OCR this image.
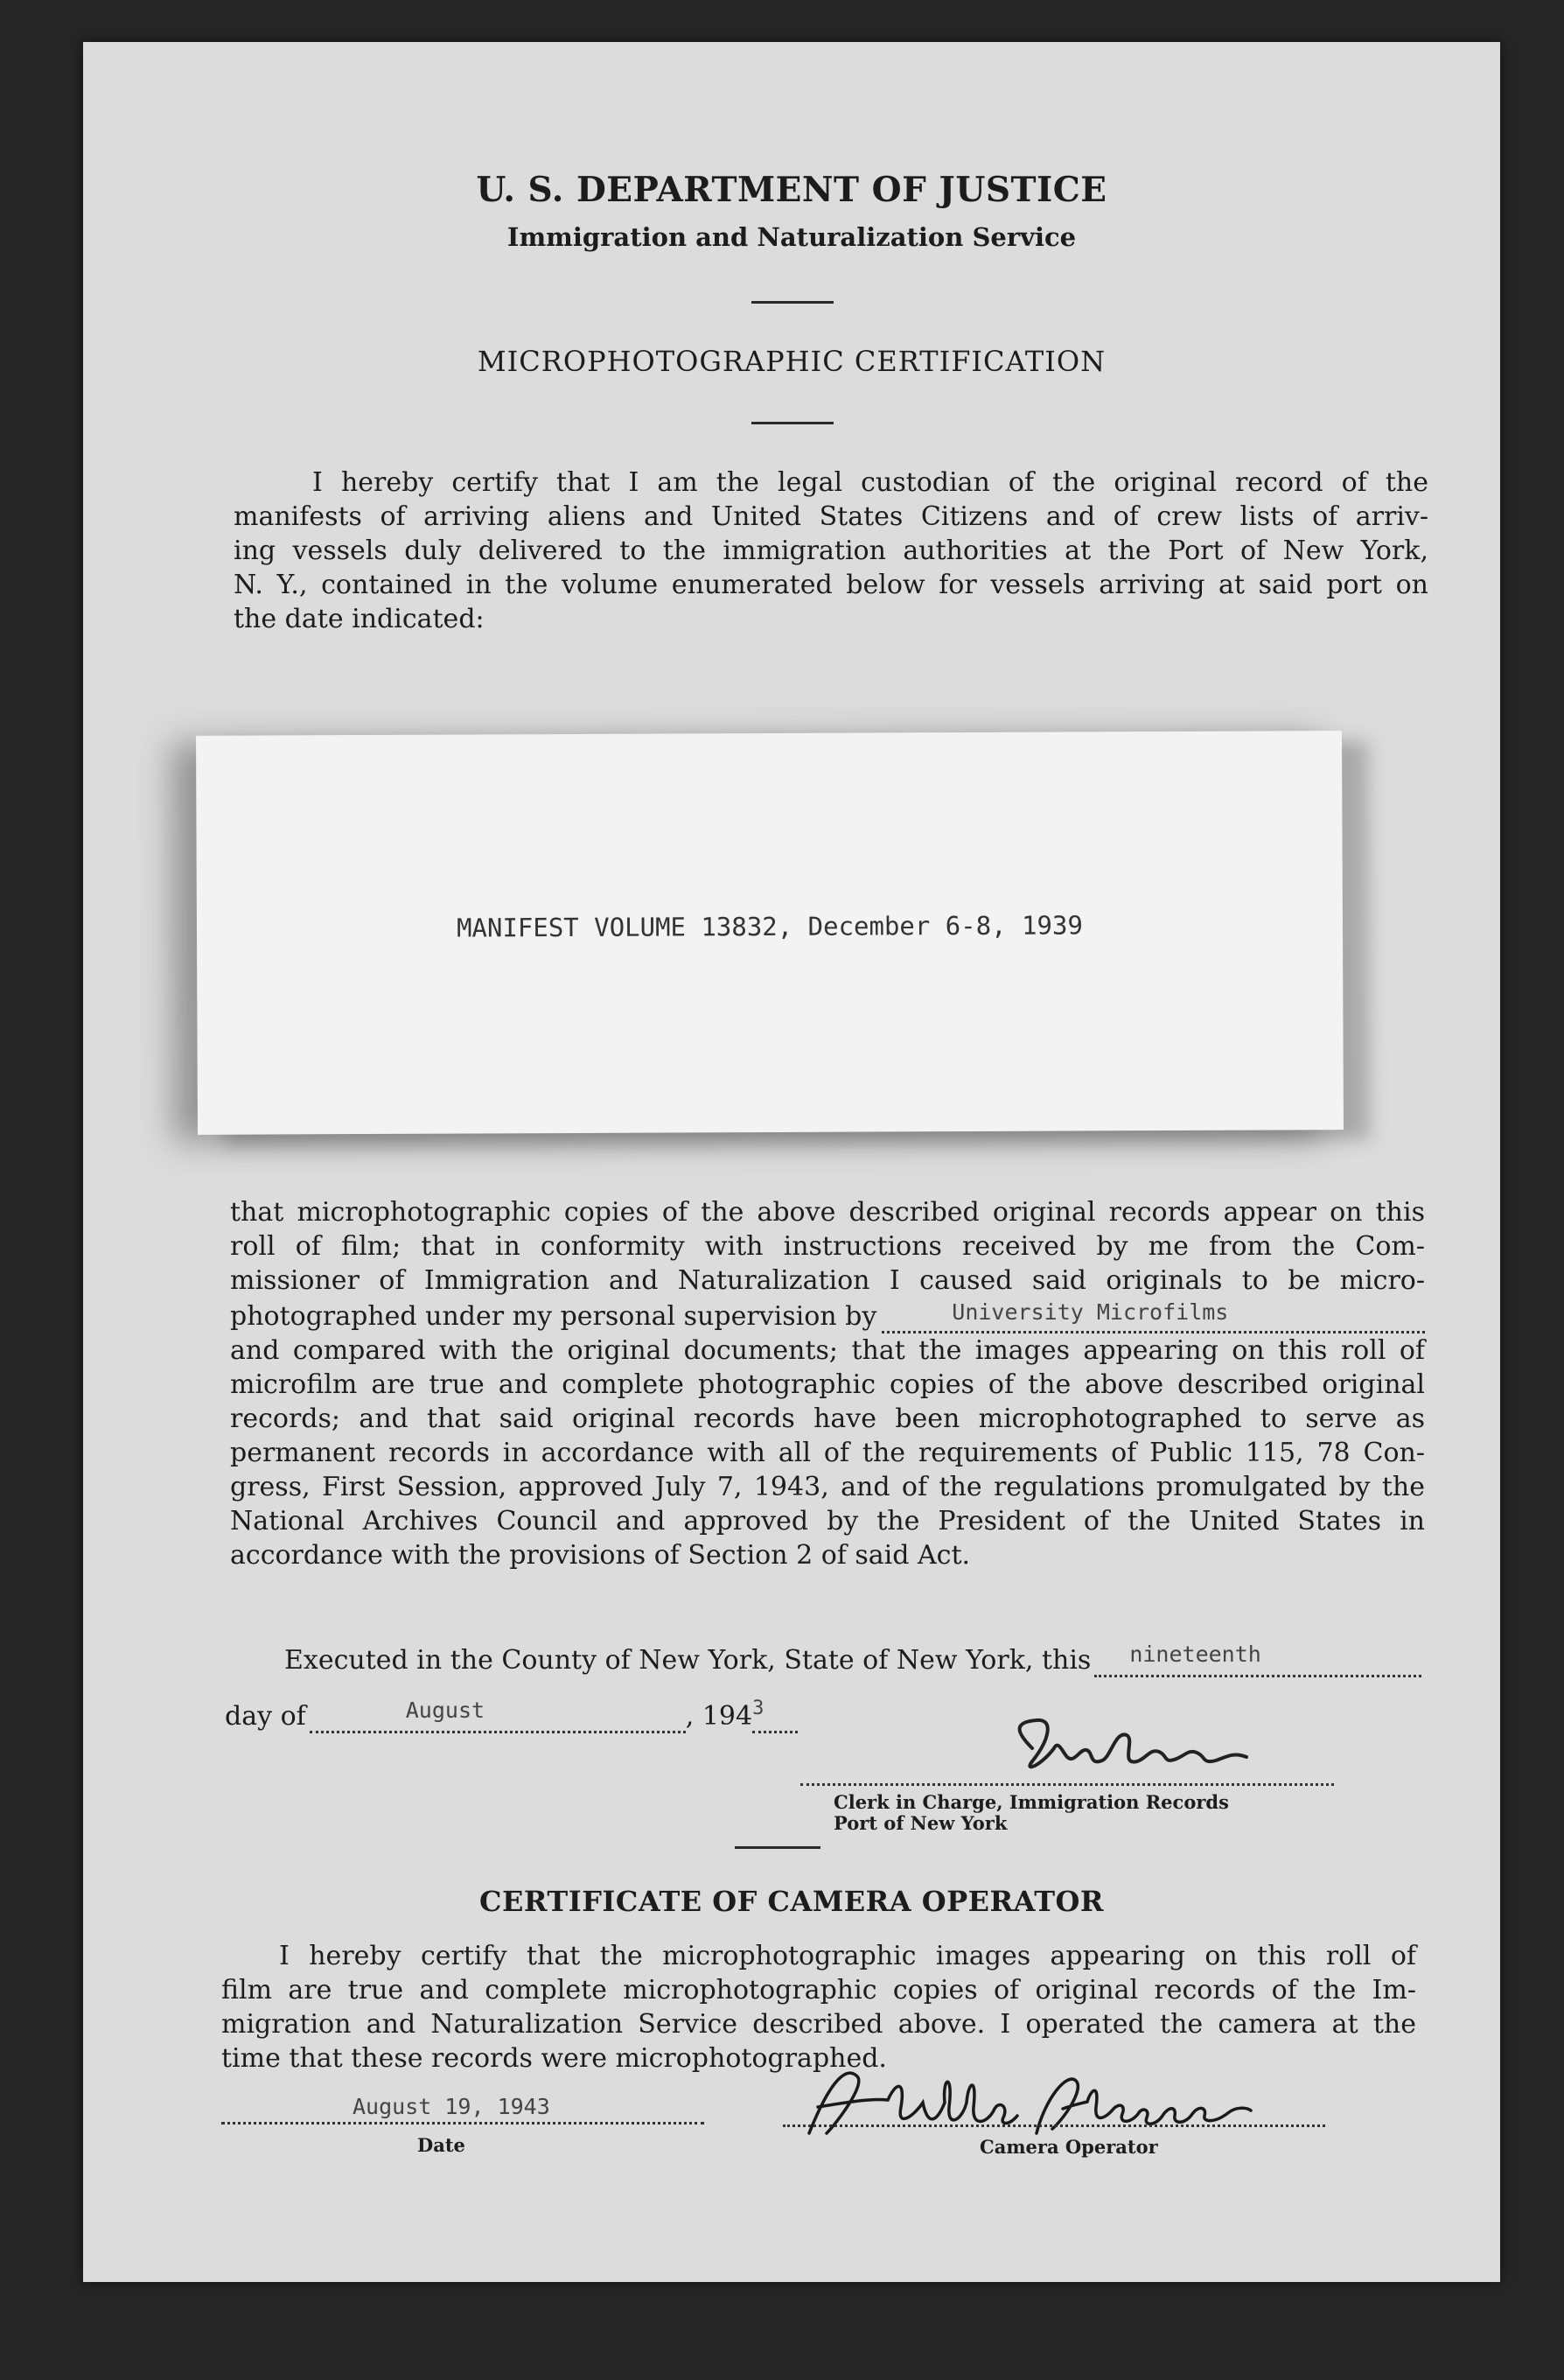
U. S. DEPARTMENT OF JUSTICE
Immigration and Naturalization Service
MICROPHOTOGRAPHIC CERTIFICATION
I hereby certify that I am the legal custodian of the original record of the
manifests of arriving aliens and United States Citizens and of crew lists of arriv-
ing vessels duly delivered to the immigration authorities at the Port of New York,
N. Y., contained in the volume enumerated below for vessels arriving at said port on
the date indicated:
MANIFEST VOLUME 13832, December 6-8, 1939
that microphotographic copies of the above described original records appear on this
roll of film; that in conformity with instructions received by me from the Com-
missioner of Immigration and Naturalization I caused said originals to be micro-
photographed under my personal supervision by	University Microfilms
and compared with the original documents; that the images appearing on this roll of
microfilm are true and complete photographic copies of the above described original
records; and that said original records have been microphotographed to serve as
permanent records in accordance with all of the requirements of Public 115, 78 Con-
gress, First Session, approved July 7, 1943, and of the regulations promulgated by the
National Archives Council and approved by the President of the United States in
accordance with the provisions of Section 2 of said Act.
Executed in the County of New York, State of New York, this nineteenth
day of	August	, 194 3
Clerk in Charge, Immigration Records
Port of New York
CERTIFICATE OF CAMERA OPERATOR
I hereby certify that the microphotographic images appearing on this roll of
film are true and complete microphotographic copies of original records of the Im-
migration and Naturalization Service described above. I operated the camera at the
time that these records were microphotographed.
August 19, 1943
Date	Camera Operator
